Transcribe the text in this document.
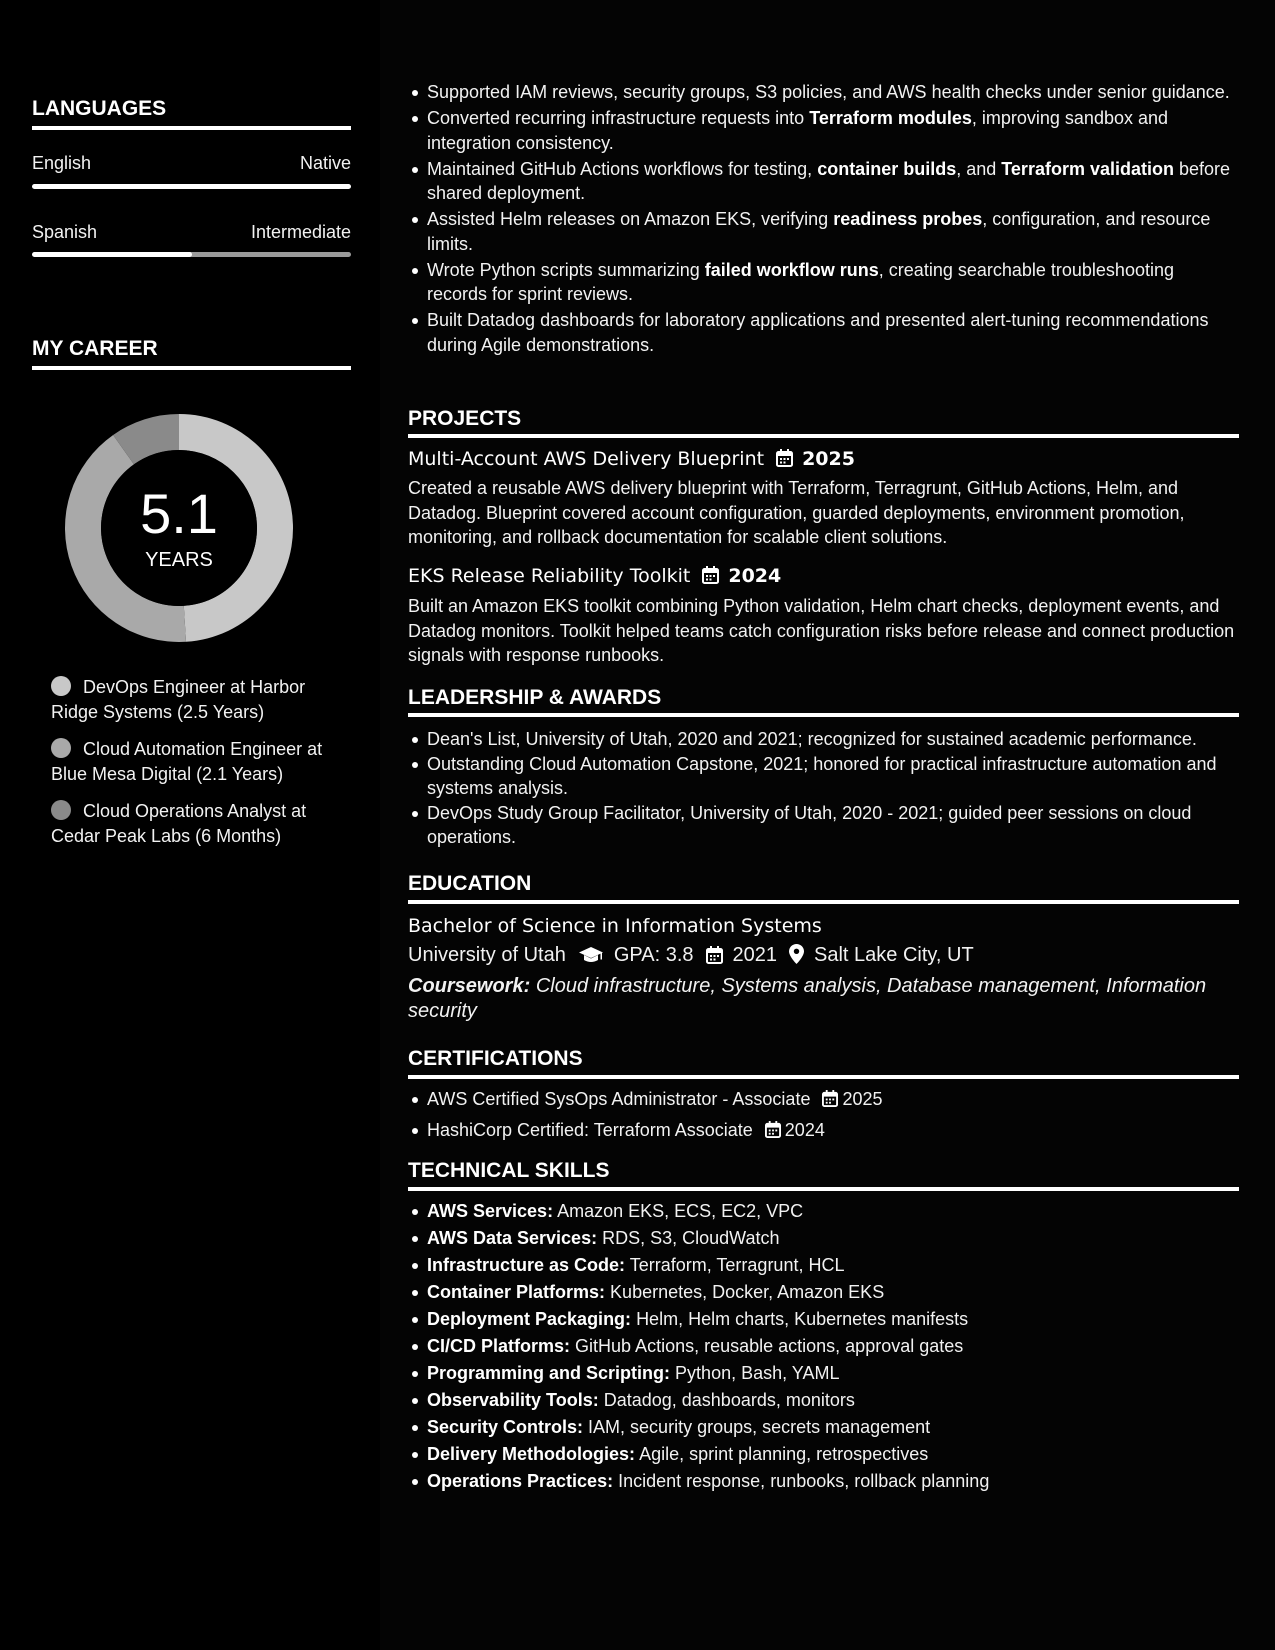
LANGUAGES
English	Native
Spanish	Intermediate
MY CAREER
5.1
YEARS
DevOps Engineer at Harbor Ridge Systems (2.5 Years)
Cloud Automation Engineer at Blue Mesa Digital (2.1 Years)
Cloud Operations Analyst at Cedar Peak Labs (6 Months)
Supported IAM reviews, security groups, S3 policies, and AWS health checks under senior guidance.
Converted recurring infrastructure requests into Terraform modules, improving sandbox and integration consistency.
Maintained GitHub Actions workflows for testing, container builds, and Terraform validation before shared deployment.
Assisted Helm releases on Amazon EKS, verifying readiness probes, configuration, and resource limits.
Wrote Python scripts summarizing failed workflow runs, creating searchable troubleshooting records for sprint reviews.
Built Datadog dashboards for laboratory applications and presented alert-tuning recommendations during Agile demonstrations.
PROJECTS
Multi-Account AWS Delivery Blueprint 2025
Created a reusable AWS delivery blueprint with Terraform, Terragrunt, GitHub Actions, Helm, and Datadog. Blueprint covered account configuration, guarded deployments, environment promotion, monitoring, and rollback documentation for scalable client solutions.
EKS Release Reliability Toolkit 2024
Built an Amazon EKS toolkit combining Python validation, Helm chart checks, deployment events, and Datadog monitors. Toolkit helped teams catch configuration risks before release and connect production signals with response runbooks.
LEADERSHIP & AWARDS
Dean's List, University of Utah, 2020 and 2021; recognized for sustained academic performance.
Outstanding Cloud Automation Capstone, 2021; honored for practical infrastructure automation and systems analysis.
DevOps Study Group Facilitator, University of Utah, 2020 - 2021; guided peer sessions on cloud operations.
EDUCATION
Bachelor of Science in Information Systems
University of Utah GPA: 3.8 2021 Salt Lake City, UT
Coursework: Cloud infrastructure, Systems analysis, Database management, Information security
CERTIFICATIONS
AWS Certified SysOps Administrator - Associate 2025
HashiCorp Certified: Terraform Associate 2024
TECHNICAL SKILLS
AWS Services: Amazon EKS, ECS, EC2, VPC
AWS Data Services: RDS, S3, CloudWatch
Infrastructure as Code: Terraform, Terragrunt, HCL
Container Platforms: Kubernetes, Docker, Amazon EKS
Deployment Packaging: Helm, Helm charts, Kubernetes manifests
CI/CD Platforms: GitHub Actions, reusable actions, approval gates
Programming and Scripting: Python, Bash, YAML
Observability Tools: Datadog, dashboards, monitors
Security Controls: IAM, security groups, secrets management
Delivery Methodologies: Agile, sprint planning, retrospectives
Operations Practices: Incident response, runbooks, rollback planning
